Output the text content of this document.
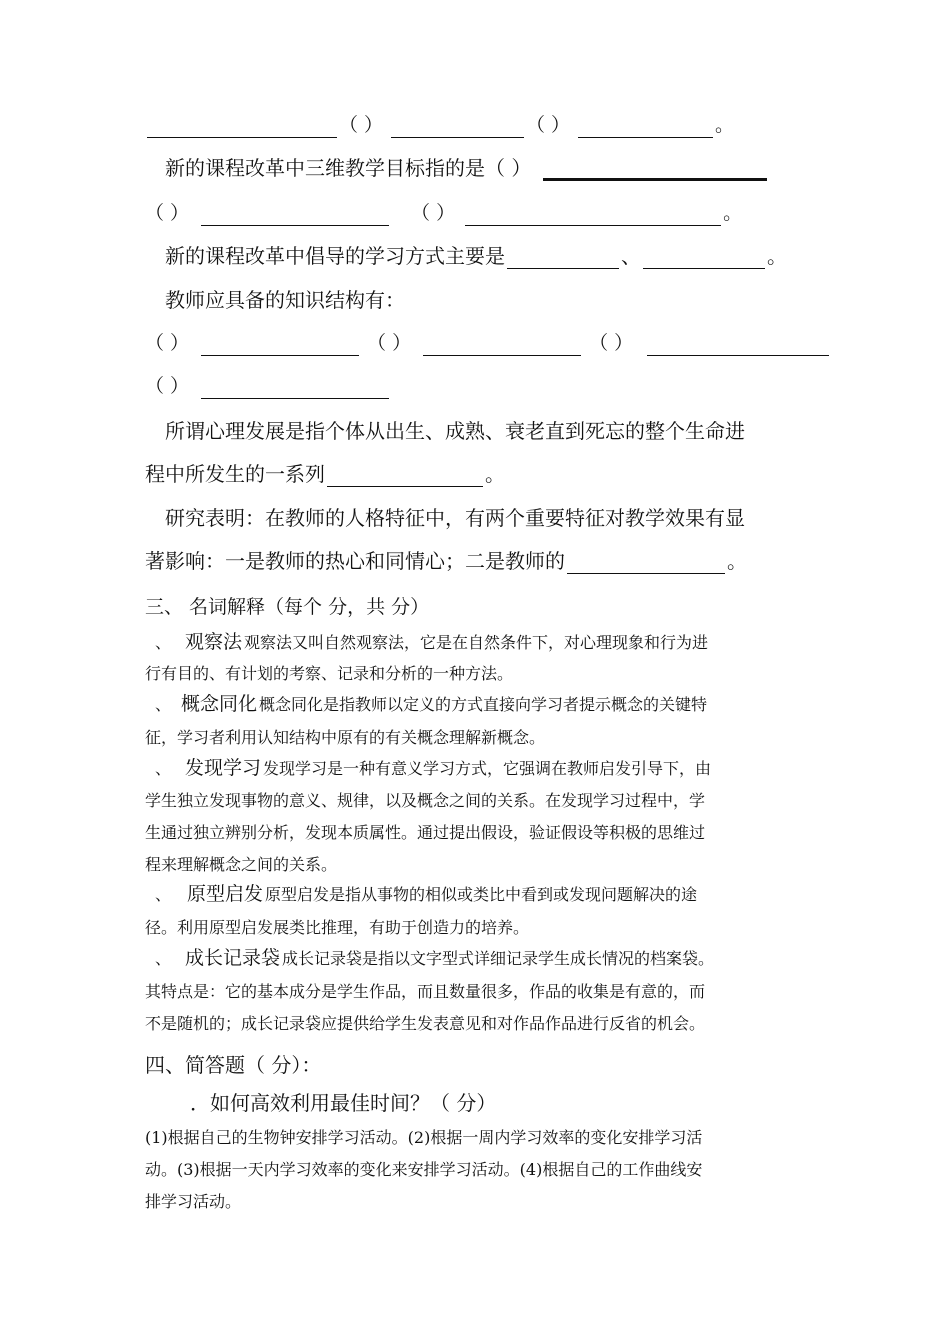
（ ）	（ ）	。
新的课程改革中三维教学目标指的是（ ）
（ ）	（ ）	。
新的课程改革中倡导的学习方式主要是	、	。
教师应具备的知识结构有：
（ ）	（ ）	（ ）
（ ）
所谓心理发展是指个体从出生、成熟、衰老直到死忘的整个生命进
程中所发生的一系列	。
研究表明：在教师的人格特征中，有两个重要特征对教学效果有显
著影响：一是教师的热心和同情心；二是教师的	。
三、 名词解释（每个 分，共 分）
、 观察法 观察法又叫自然观察法，它是在自然条件下，对心理现象和行为进
行有目的、有计划的考察、记录和分析的一种方法。
、 概念同化 概念同化是指教师以定义的方式直接向学习者提示概念的关键特
征，学习者利用认知结构中原有的有关概念理解新概念。
、 发现学习 发现学习是一种有意义学习方式，它强调在教师启发引导下，由
学生独立发现事物的意义、规律，以及概念之间的关系。在发现学习过程中，学
生通过独立辨别分析，发现本质属性。通过提出假设，验证假设等积极的思维过
程来理解概念之间的关系。
、 原型启发 原型启发是指从事物的相似或类比中看到或发现问题解决的途
径。利用原型启发展类比推理，有助于创造力的培养。
、 成长记录袋 成长记录袋是指以文字型式详细记录学生成长情况的档案袋。
其特点是：它的基本成分是学生作品，而且数量很多，作品的收集是有意的，而
不是随机的；成长记录袋应提供给学生发表意见和对作品作品进行反省的机会。
四、简答题（ 分）：
．如何高效利用最佳时间？（ 分）
(1)根据自己的生物钟安排学习活动。(2)根据一周内学习效率的变化安排学习活
动。(3)根据一天内学习效率的变化来安排学习活动。(4)根据自己的工作曲线安
排学习活动。
